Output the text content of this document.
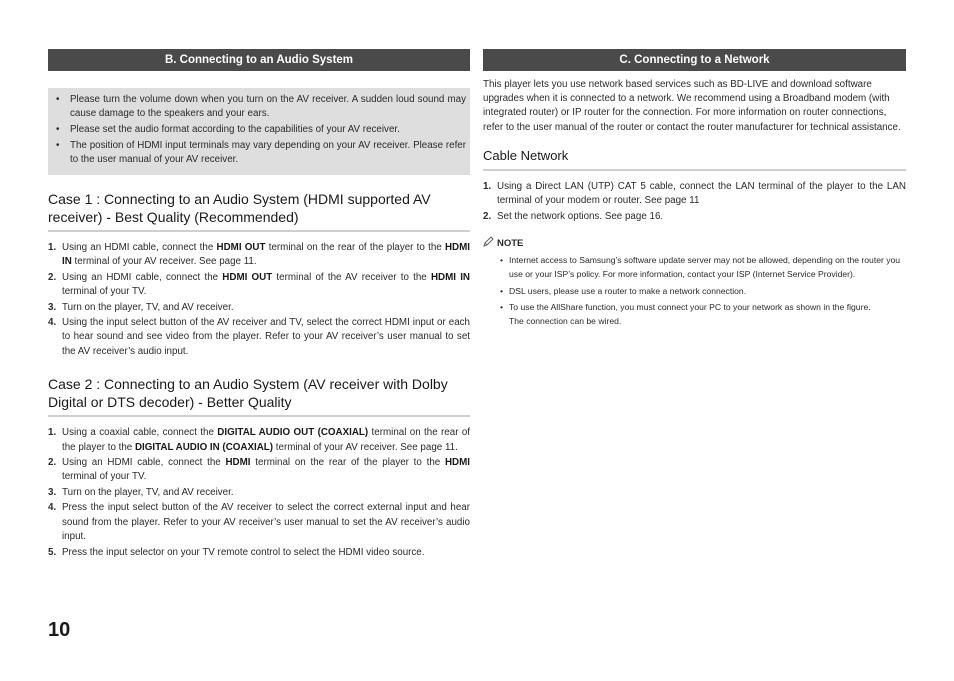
B. Connecting to an Audio System
• Please turn the volume down when you turn on the AV receiver. A sudden loud sound may cause damage to the speakers and your ears.
• Please set the audio format according to the capabilities of your AV receiver.
• The position of HDMI input terminals may vary depending on your AV receiver. Please refer to the user manual of your AV receiver.
Case 1 : Connecting to an Audio System (HDMI supported AV receiver) - Best Quality (Recommended)
1. Using an HDMI cable, connect the HDMI OUT terminal on the rear of the player to the HDMI IN terminal of your AV receiver. See page 11.
2. Using an HDMI cable, connect the HDMI OUT terminal of the AV receiver to the HDMI IN terminal of your TV.
3. Turn on the player, TV, and AV receiver.
4. Using the input select button of the AV receiver and TV, select the correct HDMI input or each to hear sound and see video from the player. Refer to your AV receiver’s user manual to set the AV receiver’s audio input.
Case 2 : Connecting to an Audio System (AV receiver with Dolby Digital or DTS decoder) - Better Quality
1. Using a coaxial cable, connect the DIGITAL AUDIO OUT (COAXIAL) terminal on the rear of the player to the DIGITAL AUDIO IN (COAXIAL) terminal of your AV receiver. See page 11.
2. Using an HDMI cable, connect the HDMI terminal on the rear of the player to the HDMI terminal of your TV.
3. Turn on the player, TV, and AV receiver.
4. Press the input select button of the AV receiver to select the correct external input and hear sound from the player. Refer to your AV receiver’s user manual to set the AV receiver’s audio input.
5. Press the input selector on your TV remote control to select the HDMI video source.
C. Connecting to a Network
This player lets you use network based services such as BD-LIVE and download software upgrades when it is connected to a network. We recommend using a Broadband modem (with integrated router) or IP router for the connection. For more information on router connections, refer to the user manual of the router or contact the router manufacturer for technical assistance.
Cable Network
1. Using a Direct LAN (UTP) CAT 5 cable, connect the LAN terminal of the player to the LAN terminal of your modem or router. See page 11
2. Set the network options. See page 16.
NOTE
• Internet access to Samsung’s software update server may not be allowed, depending on the router you use or your ISP’s policy. For more information, contact your ISP (Internet Service Provider).
• DSL users, please use a router to make a network connection.
• To use the AllShare function, you must connect your PC to your network as shown in the figure.
The connection can be wired.
10
